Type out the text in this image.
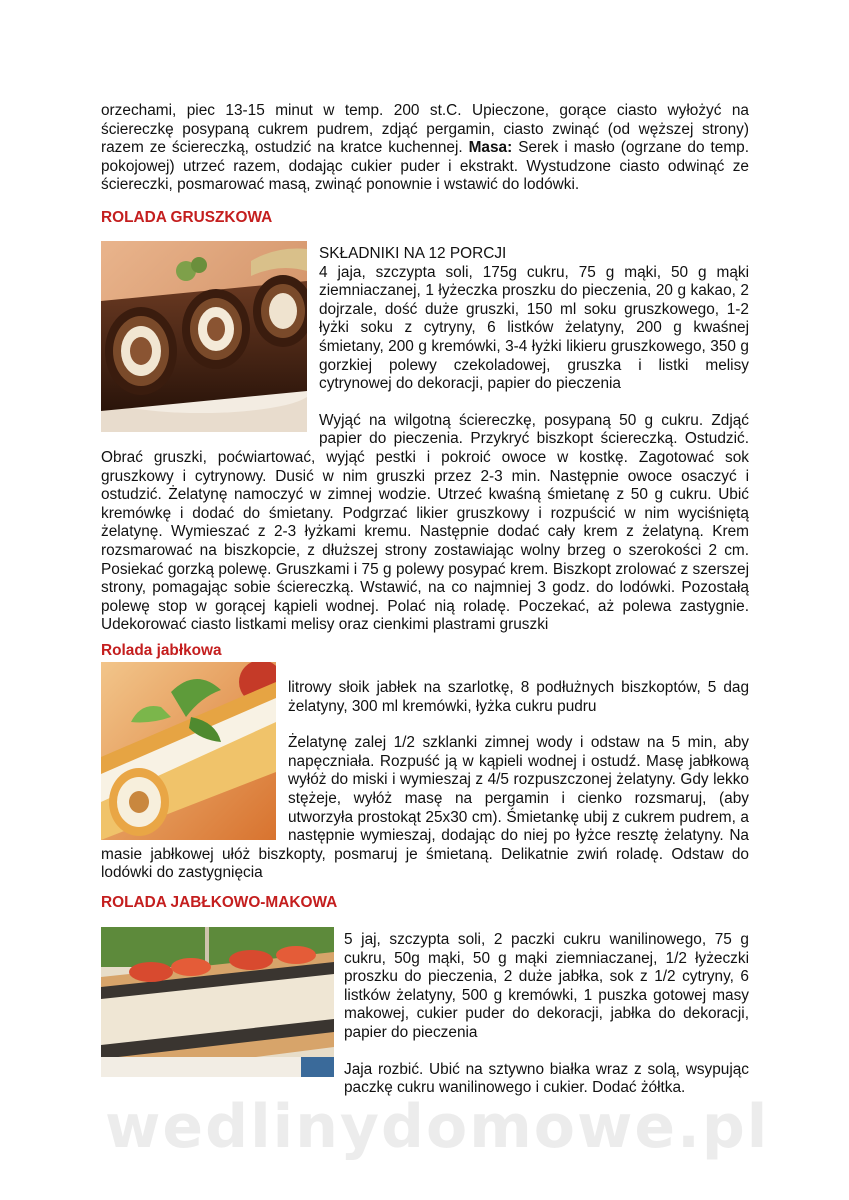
orzechami, piec 13-15 minut w temp. 200 st.C. Upieczone, gorące ciasto wyłożyć na ściereczkę posypaną cukrem pudrem, zdjąć pergamin, ciasto zwinąć (od węższej strony) razem ze ściereczką, ostudzić na kratce kuchennej. Masa: Serek i masło (ogrzane do temp. pokojowej) utrzeć razem, dodając cukier puder i ekstrakt. Wystudzone ciasto odwinąć ze ściereczki, posmarować masą, zwinąć ponownie i wstawić do lodówki.
ROLADA GRUSZKOWA

SKŁADNIKI NA 12 PORCJI

4 jaja, szczypta soli, 175g cukru, 75 g mąki, 50 g mąki ziemniaczanej, 1 łyżeczka proszku do pieczenia, 20 g kakao, 2 dojrzale, dość duże gruszki, 150 ml soku gruszkowego, 1-2 łyżki soku z cytryny, 6 listków żelatyny, 200 g kwaśnej śmietany, 200 g kremówki, 3-4 łyżki likieru gruszkowego, 350 g gorzkiej polewy czekoladowej, gruszka i listki melisy cytrynowej do dekoracji, papier do pieczenia

Wyjąć na wilgotną ściereczkę, posypaną 50 g cukru. Zdjąć papier do pieczenia. Przykryć biszkopt ściereczką. Ostudzić. Obrać gruszki, poćwiartować, wyjąć pestki i pokroić owoce w kostkę. Zagotować sok gruszkowy i cytrynowy. Dusić w nim gruszki przez 2-3 min. Następnie owoce osaczyć i ostudzić. Żelatynę namoczyć w zimnej wodzie. Utrzeć kwaśną śmietanę z 50 g cukru. Ubić kremówkę i dodać do śmietany. Podgrzać likier gruszkowy i rozpuścić w nim wyciśniętą żelatynę. Wymieszać z 2-3 łyżkami kremu. Następnie dodać cały krem z żelatyną. Krem rozsmarować na biszkopcie, z dłuższej strony zostawiając wolny brzeg o szerokości 2 cm. Posiekać gorzką polewę. Gruszkami i 75 g polewy posypać krem. Biszkopt zrolować z szerszej strony, pomagając sobie ściereczką. Wstawić, na co najmniej 3 godz. do lodówki. Pozostałą polewę stop w gorącej kąpieli wodnej. Polać nią roladę. Poczekać, aż polewa zastygnie. Udekorować ciasto listkami melisy oraz cienkimi plastrami gruszki

Rolada jabłkowa

litrowy słoik jabłek na szarlotkę, 8 podłużnych biszkoptów, 5 dag żelatyny, 300 ml kremówki, łyżka cukru pudru

Żelatynę zalej 1/2 szklanki zimnej wody i odstaw na 5 min, aby napęczniała. Rozpuść ją w kąpieli wodnej i ostudź. Masę jabłkową wyłóż do miski i wymieszaj z 4/5 rozpuszczonej żelatyny. Gdy lekko stężeje, wyłóż masę na pergamin i cienko rozsmaruj, (aby utworzyła prostokąt 25x30 cm). Śmietankę ubij z cukrem pudrem, a następnie wymieszaj, dodając do niej po łyżce resztę żelatyny. Na masie jabłkowej ułóż biszkopty, posmaruj je śmietaną. Delikatnie zwiń roladę. Odstaw do lodówki do zastygnięcia

ROLADA JABŁKOWO-MAKOWA

5 jaj, szczypta soli, 2 paczki cukru wanilinowego, 75 g cukru, 50g mąki, 50 g mąki ziemniaczanej, 1/2 łyżeczki proszku do pieczenia, 2 duże jabłka, sok z 1/2 cytryny, 6 listków żelatyny, 500 g kremówki, 1 puszka gotowej masy makowej, cukier puder do dekoracji, jabłka do dekoracji, papier do pieczenia

Jaja rozbić. Ubić na sztywno białka wraz z solą, wsypując paczkę cukru wanilinowego i cukier. Dodać żółtka.

wedlinydomowe.pl
